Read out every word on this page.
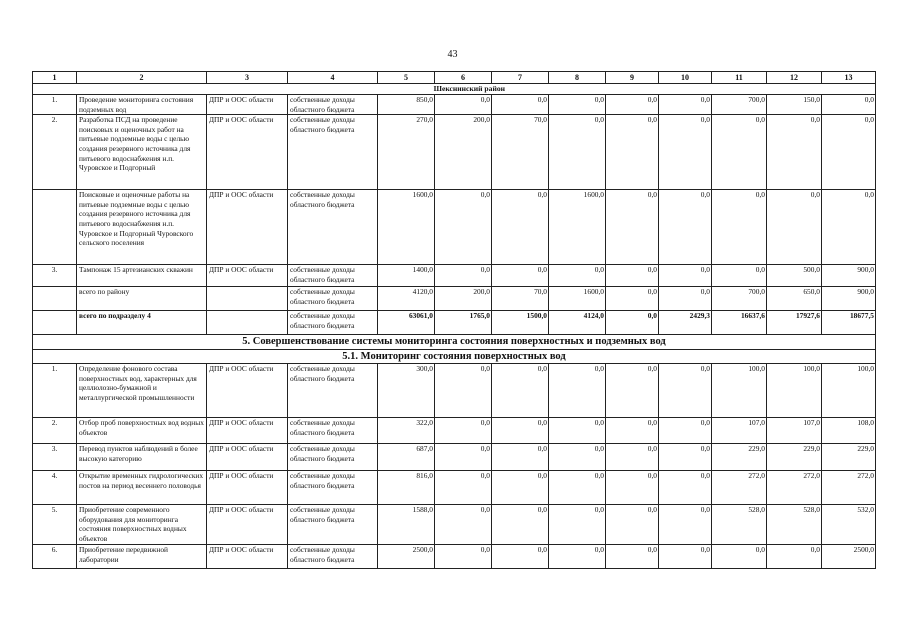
43
1	2	3	4	5	6	7	8	9	10	11	12	13
Шекснинский район												
1.	Проведение мониторинга состояния подземных вод	ДПР и ООС области	собственные доходы областного бюджета	850,0	0,0	0,0	0,0	0,0	0,0	700,0	150,0	0,0
2.	Разработка ПСД на проведение поисковых и оценочных работ на питьевые подземные воды с целью создания резервного источника для питьевого водоснабжения н.п. Чуровское и Подгорный	ДПР и ООС области	собственные доходы областного бюджета	270,0	200,0	70,0	0,0	0,0	0,0	0,0	0,0	0,0
	Поисковые и оценочные работы на питьевые подземные воды с целью создания резервного источника для питьевого водоснабжения н.п. Чуровское и Подгорный Чуровского сельского поселения	ДПР и ООС области	собственные доходы областного бюджета	1600,0	0,0	0,0	1600,0	0,0	0,0	0,0	0,0	0,0
3.	Тампонаж 15 артезианских скважин	ДПР и ООС области	собственные доходы областного бюджета	1400,0	0,0	0,0	0,0	0,0	0,0	0,0	500,0	900,0
	всего по району		собственные доходы областного бюджета	4120,0	200,0	70,0	1600,0	0,0	0,0	700,0	650,0	900,0
	всего по подразделу 4		собственные доходы областного бюджета	63061,0	1765,0	1500,0	4124,0	0,0	2429,3	16637,6	17927,6	18677,5
5. Совершенствование системы мониторинга состояния поверхностных и подземных вод												
5.1. Мониторинг состояния поверхностных вод												
1.	Определение фонового состава поверхностных вод, характерных для целлюлозно-бумажной и металлургической промышленности	ДПР и ООС области	собственные доходы областного бюджета	300,0	0,0	0,0	0,0	0,0	0,0	100,0	100,0	100,0
2.	Отбор проб поверхностных вод водных объектов	ДПР и ООС области	собственные доходы областного бюджета	322,0	0,0	0,0	0,0	0,0	0,0	107,0	107,0	108,0
3.	Перевод пунктов наблюдений в более высокую категорию	ДПР и ООС области	собственные доходы областного бюджета	687,0	0,0	0,0	0,0	0,0	0,0	229,0	229,0	229,0
4.	Открытие временных гидрологических постов на период весеннего половодья	ДПР и ООС области	собственные доходы областного бюджета	816,0	0,0	0,0	0,0	0,0	0,0	272,0	272,0	272,0
5.	Приобретение современного оборудования для мониторинга состояния поверхностных водных объектов	ДПР и ООС области	собственные доходы областного бюджета	1588,0	0,0	0,0	0,0	0,0	0,0	528,0	528,0	532,0
6.	Приобретение передвижной лаборатории	ДПР и ООС области	собственные доходы областного бюджета	2500,0	0,0	0,0	0,0	0,0	0,0	0,0	0,0	2500,0
